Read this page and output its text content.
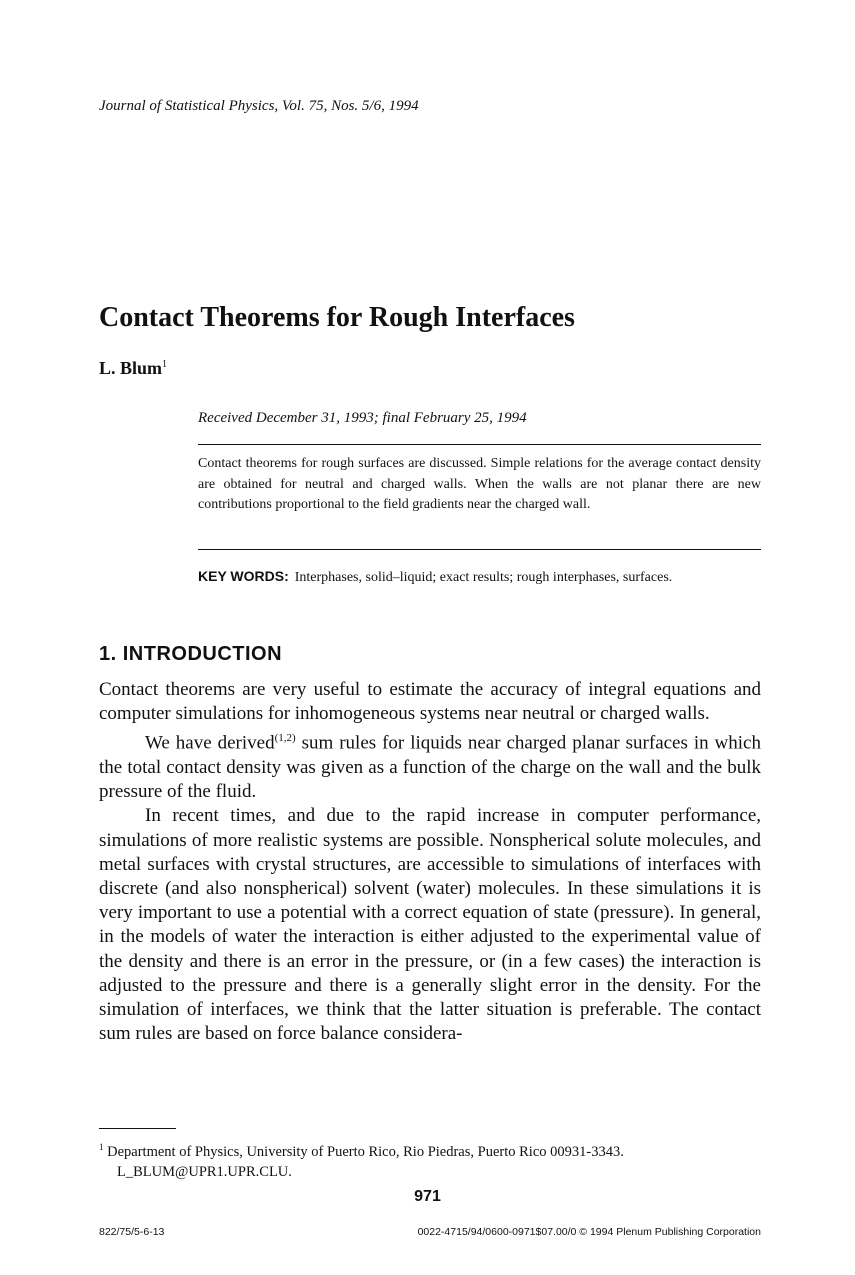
Journal of Statistical Physics, Vol. 75, Nos. 5/6, 1994
Contact Theorems for Rough Interfaces
L. Blum$^1$
Received December 31, 1993; final February 25, 1994
Contact theorems for rough surfaces are discussed. Simple relations for the average contact density are obtained for neutral and charged walls. When the walls are not planar there are new contributions proportional to the field gradients near the charged wall.
KEY WORDS: Interphases, solid–liquid; exact results; rough interphases, surfaces.
1. INTRODUCTION

Contact theorems are very useful to estimate the accuracy of integral equations and computer simulations for inhomogeneous systems near neutral or charged walls.

We have derived$^{(1,2)}$ sum rules for liquids near charged planar surfaces in which the total contact density was given as a function of the charge on the wall and the bulk pressure of the fluid.

In recent times, and due to the rapid increase in computer performance, simulations of more realistic systems are possible. Nonspherical solute molecules, and metal surfaces with crystal structures, are accessible to simulations of interfaces with discrete (and also nonspherical) solvent (water) molecules. In these simulations it is very important to use a potential with a correct equation of state (pressure). In general, in the models of water the interaction is either adjusted to the experimental value of the density and there is an error in the pressure, or (in a few cases) the interaction is adjusted to the pressure and there is a generally slight error in the density. For the simulation of interfaces, we think that the latter situation is preferable. The contact sum rules are based on force balance considera-

$^1$ Department of Physics, University of Puerto Rico, Rio Piedras, Puerto Rico 00931-3343.
L_BLUM@UPR1.UPR.CLU.
971
822/75/5-6-13	0022-4715/94/0600-0971$07.00/0 © 1994 Plenum Publishing Corporation
